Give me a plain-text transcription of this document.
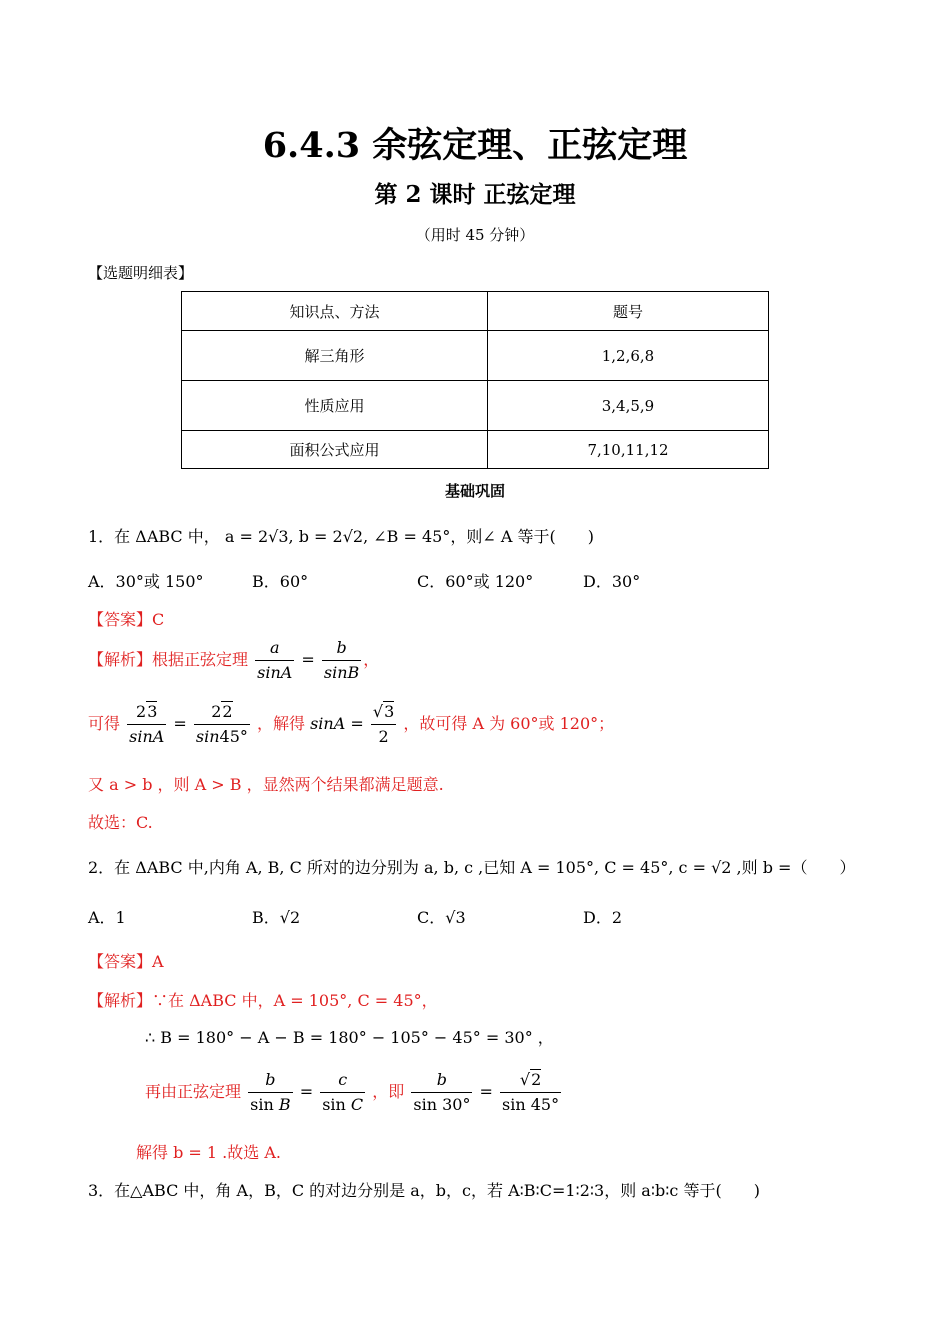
6.4.3 余弦定理、正弦定理
第 2 课时 正弦定理
（用时 45 分钟）
【选题明细表】
知识点、方法	题号
解三角形	1,2,6,8
性质应用	3,4,5,9
面积公式应用	7,10,11,12
基础巩固
1．在 ΔABC 中， a = 2√3, b = 2√2, ∠B = 45°，则∠ A 等于(　　)
A．30°或 150°	B．60°	C．60°或 120°	D．30°
【答案】C
【解析】根据正弦定理 $\frac{a}{\sin A} = \frac{b}{\sin B}$ ，
可得 $\frac{23}{\sin A} = \frac{22}{\sin 45^\circ}$ ，解得 $\sin A = \frac{√3}{2}$ ，故可得 A 为 60°或 120°；
又 a > b ，则 A > B ，显然两个结果都满足题意.
故选：C.
2．在 ΔABC 中,内角 A, B, C 所对的边分别为 a, b, c ,已知 A = 105°, C = 45°, c = √2 ,则 b =（　　）
A．1	B．√2	C．√3	D．2
【答案】A
【解析】∵在 ΔABC 中，A = 105°, C = 45°，
∴ B = 180° − A − B = 180° − 105° − 45° = 30° ，
再由正弦定理 $\frac{b}{\text{sin B}} = \frac{c}{\text{sin C}}$ ，即 $\frac{b}{\sin 30^\circ} = \frac{√2}{\sin 45^\circ}$
解得 b = 1 .故选 A.
3．在△ABC 中，角 A，B，C 的对边分别是 a，b，c，若 A∶B∶C=1∶2∶3，则 a∶b∶c 等于(　　)
